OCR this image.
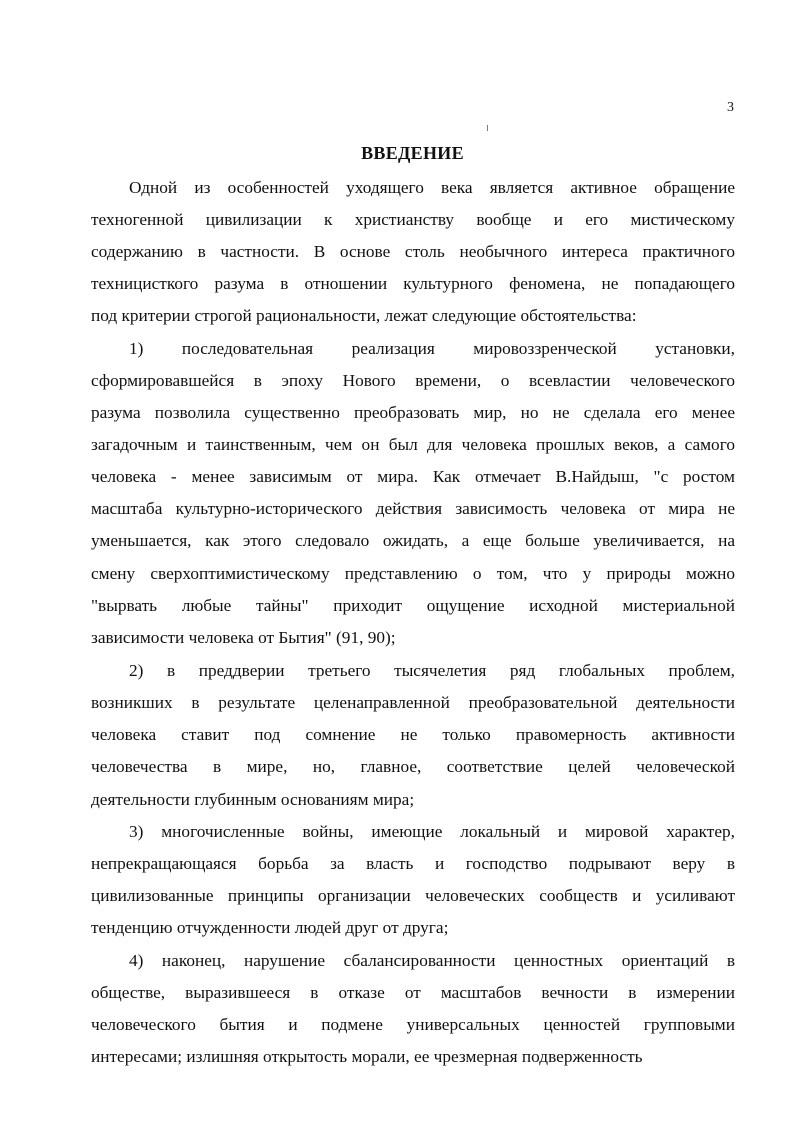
3
ВВЕДЕНИЕ
Одной из особенностей уходящего века является активное обращение
техногенной цивилизации к христианству вообще и его мистическому
содержанию в частности. В основе столь необычного интереса практичного
техницисткого разума в отношении культурного феномена, не попадающего
под критерии строгой рациональности, лежат следующие обстоятельства:
1) последовательная реализация мировоззренческой установки,
сформировавшейся в эпоху Нового времени, о всевластии человеческого
разума позволила существенно преобразовать мир, но не сделала его менее
загадочным и таинственным, чем он был для человека прошлых веков, а самого
человека - менее зависимым от мира. Как отмечает В.Найдыш, "с ростом
масштаба культурно-исторического действия зависимость человека от мира не
уменьшается, как этого следовало ожидать, а еще больше увеличивается, на
смену сверхоптимистическому представлению о том, что у природы можно
"вырвать любые тайны" приходит ощущение исходной мистериальной
зависимости человека от Бытия" (91, 90);
2) в преддверии третьего тысячелетия ряд глобальных проблем,
возникших в результате целенаправленной преобразовательной деятельности
человека ставит под сомнение не только правомерность активности
человечества в мире, но, главное, соответствие целей человеческой
деятельности глубинным основаниям мира;
3) многочисленные войны, имеющие локальный и мировой характер,
непрекращающаяся борьба за власть и господство подрывают веру в
цивилизованные принципы организации человеческих сообществ и усиливают
тенденцию отчужденности людей друг от друга;
4) наконец, нарушение сбалансированности ценностных ориентаций в
обществе, выразившееся в отказе от масштабов вечности в измерении
человеческого бытия и подмене универсальных ценностей групповыми
интересами; излишняя открытость морали, ее чрезмерная подверженность
